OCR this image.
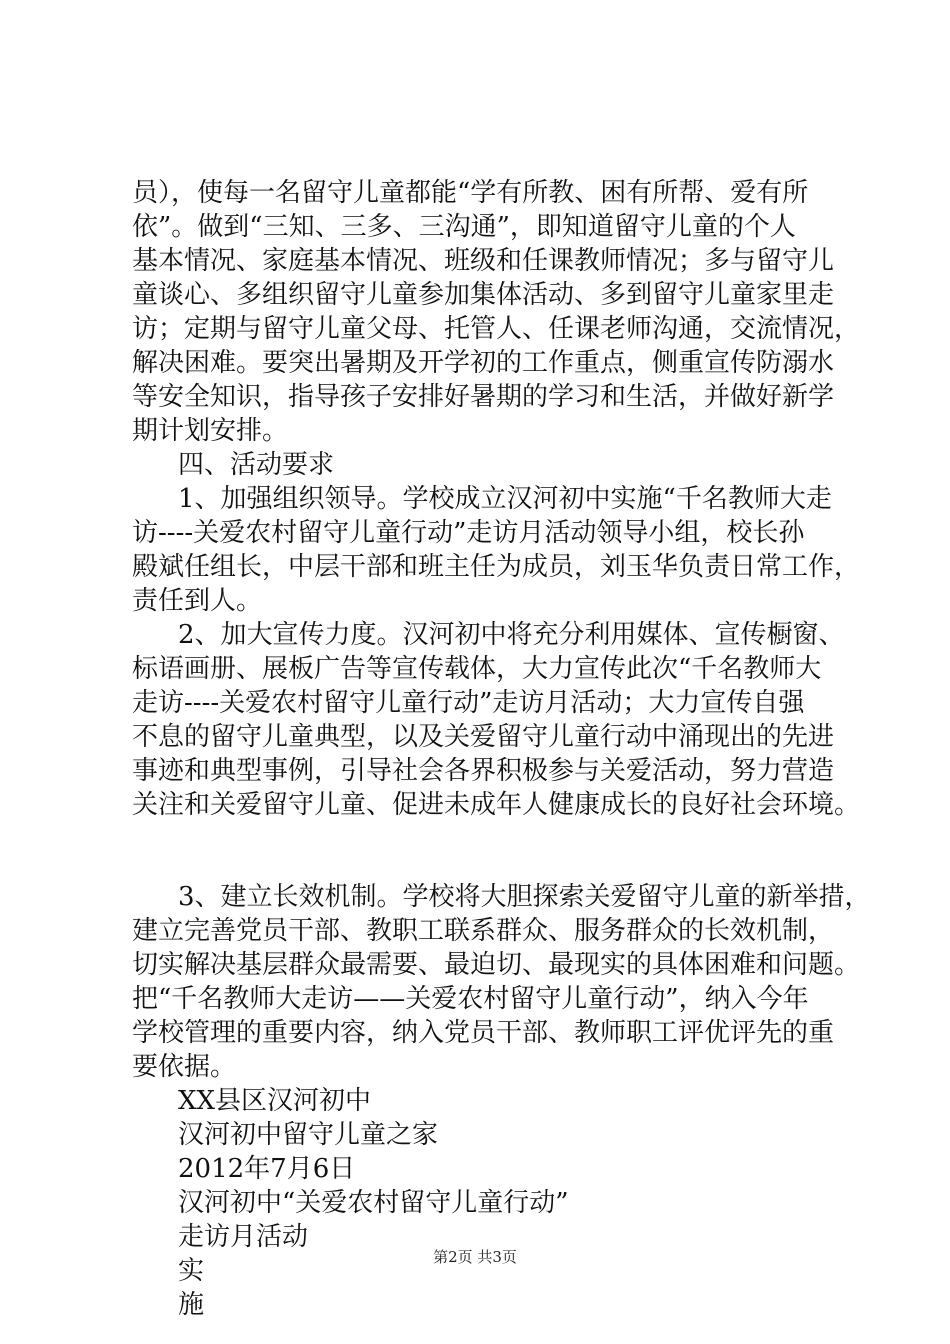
员），使每一名留守儿童都能“学有所教、困有所帮、爱有所
依”。做到“三知、三多、三沟通”，即知道留守儿童的个人
基本情况、家庭基本情况、班级和任课教师情况；多与留守儿
童谈心、多组织留守儿童参加集体活动、多到留守儿童家里走
访；定期与留守儿童父母、托管人、任课老师沟通，交流情况，
解决困难。要突出暑期及开学初的工作重点，侧重宣传防溺水
等安全知识，指导孩子安排好暑期的学习和生活，并做好新学
期计划安排。
四、活动要求
1、加强组织领导。学校成立汉河初中实施“千名教师大走
访----关爱农村留守儿童行动”走访月活动领导小组，校长孙
殿斌任组长，中层干部和班主任为成员，刘玉华负责日常工作，
责任到人。
2、加大宣传力度。汉河初中将充分利用媒体、宣传橱窗、
标语画册、展板广告等宣传载体，大力宣传此次“千名教师大
走访----关爱农村留守儿童行动”走访月活动；大力宣传自强
不息的留守儿童典型，以及关爱留守儿童行动中涌现出的先进
事迹和典型事例，引导社会各界积极参与关爱活动，努力营造
关注和关爱留守儿童、促进未成年人健康成长的良好社会环境。
3、建立长效机制。学校将大胆探索关爱留守儿童的新举措，
建立完善党员干部、教职工联系群众、服务群众的长效机制，
切实解决基层群众最需要、最迫切、最现实的具体困难和问题。
把“千名教师大走访——关爱农村留守儿童行动”，纳入今年
学校管理的重要内容，纳入党员干部、教师职工评优评先的重
要依据。
XX县区汉河初中
汉河初中留守儿童之家
2012年7月6日
汉河初中“关爱农村留守儿童行动”
走访月活动
实
施
第2页 共3页
